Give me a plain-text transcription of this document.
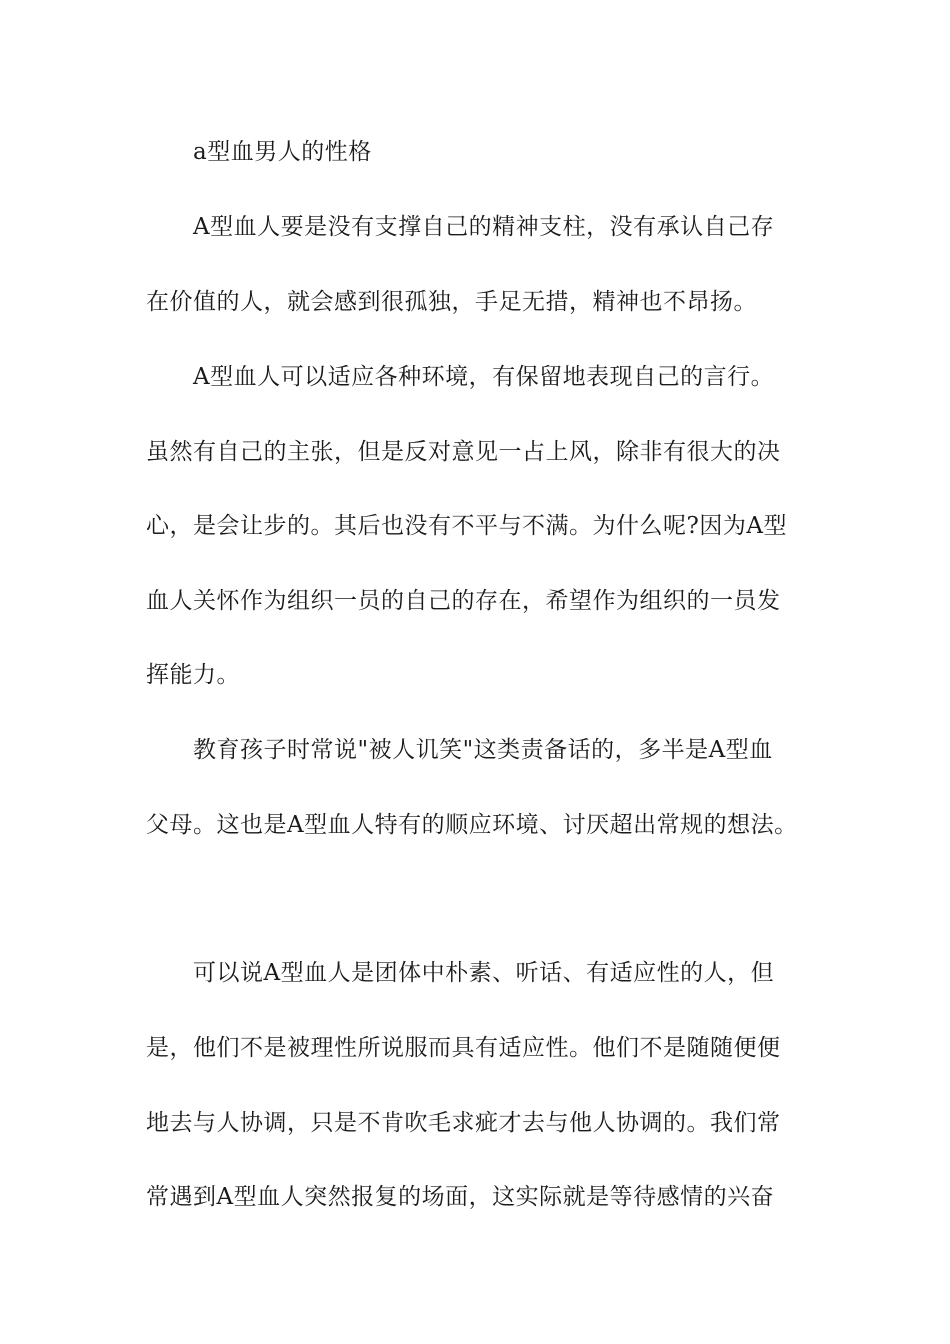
a型血男人的性格
A型血人要是没有支撑自己的精神支柱，没有承认自己存
在价值的人，就会感到很孤独，手足无措，精神也不昂扬。
A型血人可以适应各种环境，有保留地表现自己的言行。
虽然有自己的主张，但是反对意见一占上风，除非有很大的决
心，是会让步的。其后也没有不平与不满。为什么呢?因为A型
血人关怀作为组织一员的自己的存在，希望作为组织的一员发
挥能力。
教育孩子时常说"被人讥笑"这类责备话的，多半是A型血
父母。这也是A型血人特有的顺应环境、讨厌超出常规的想法。
可以说A型血人是团体中朴素、听话、有适应性的人，但
是，他们不是被理性所说服而具有适应性。他们不是随随便便
地去与人协调，只是不肯吹毛求疵才去与他人协调的。我们常
常遇到A型血人突然报复的场面，这实际就是等待感情的兴奋
